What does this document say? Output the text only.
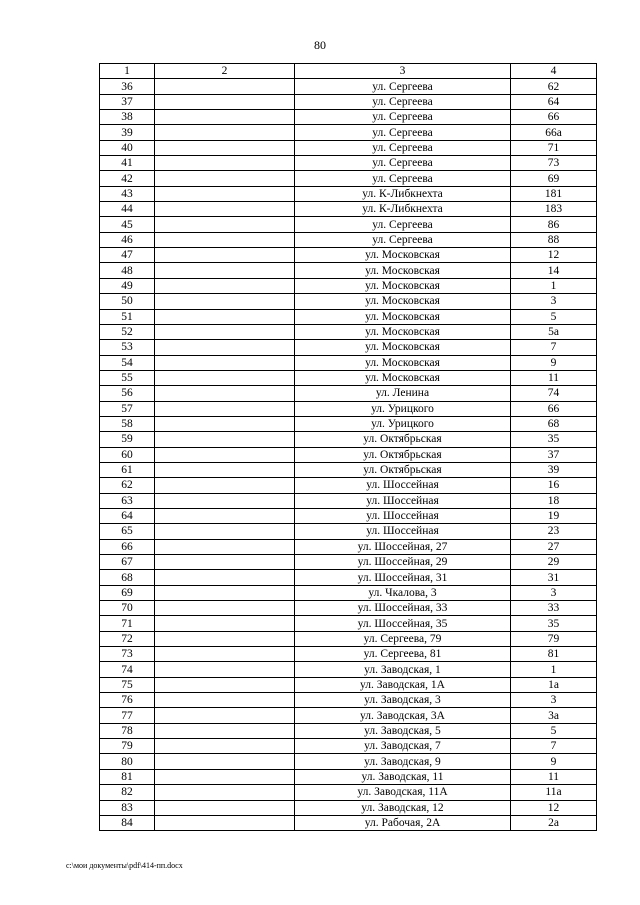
80
1	2	3	4
36		ул. Сергеева	62
37		ул. Сергеева	64
38		ул. Сергеева	66
39		ул. Сергеева	66а
40		ул. Сергеева	71
41		ул. Сергеева	73
42		ул. Сергеева	69
43		ул. К-Либкнехта	181
44		ул. К-Либкнехта	183
45		ул. Сергеева	86
46		ул. Сергеева	88
47		ул. Московская	12
48		ул. Московская	14
49		ул. Московская	1
50		ул. Московская	3
51		ул. Московская	5
52		ул. Московская	5а
53		ул. Московская	7
54		ул. Московская	9
55		ул. Московская	11
56		ул. Ленина	74
57		ул. Урицкого	66
58		ул. Урицкого	68
59		ул. Октябрьская	35
60		ул. Октябрьская	37
61		ул. Октябрьская	39
62		ул. Шоссейная	16
63		ул. Шоссейная	18
64		ул. Шоссейная	19
65		ул. Шоссейная	23
66		ул. Шоссейная, 27	27
67		ул. Шоссейная, 29	29
68		ул. Шоссейная, 31	31
69		ул. Чкалова, 3	3
70		ул. Шоссейная, 33	33
71		ул. Шоссейная, 35	35
72		ул. Сергеева, 79	79
73		ул. Сергеева, 81	81
74		ул. Заводская, 1	1
75		ул. Заводская, 1А	1а
76		ул. Заводская, 3	3
77		ул. Заводская, 3А	3а
78		ул. Заводская, 5	5
79		ул. Заводская, 7	7
80		ул. Заводская, 9	9
81		ул. Заводская, 11	11
82		ул. Заводская, 11А	11а
83		ул. Заводская, 12	12
84		ул. Рабочая, 2А	2а
c:\мои документы\pdf\414-пп.docx
